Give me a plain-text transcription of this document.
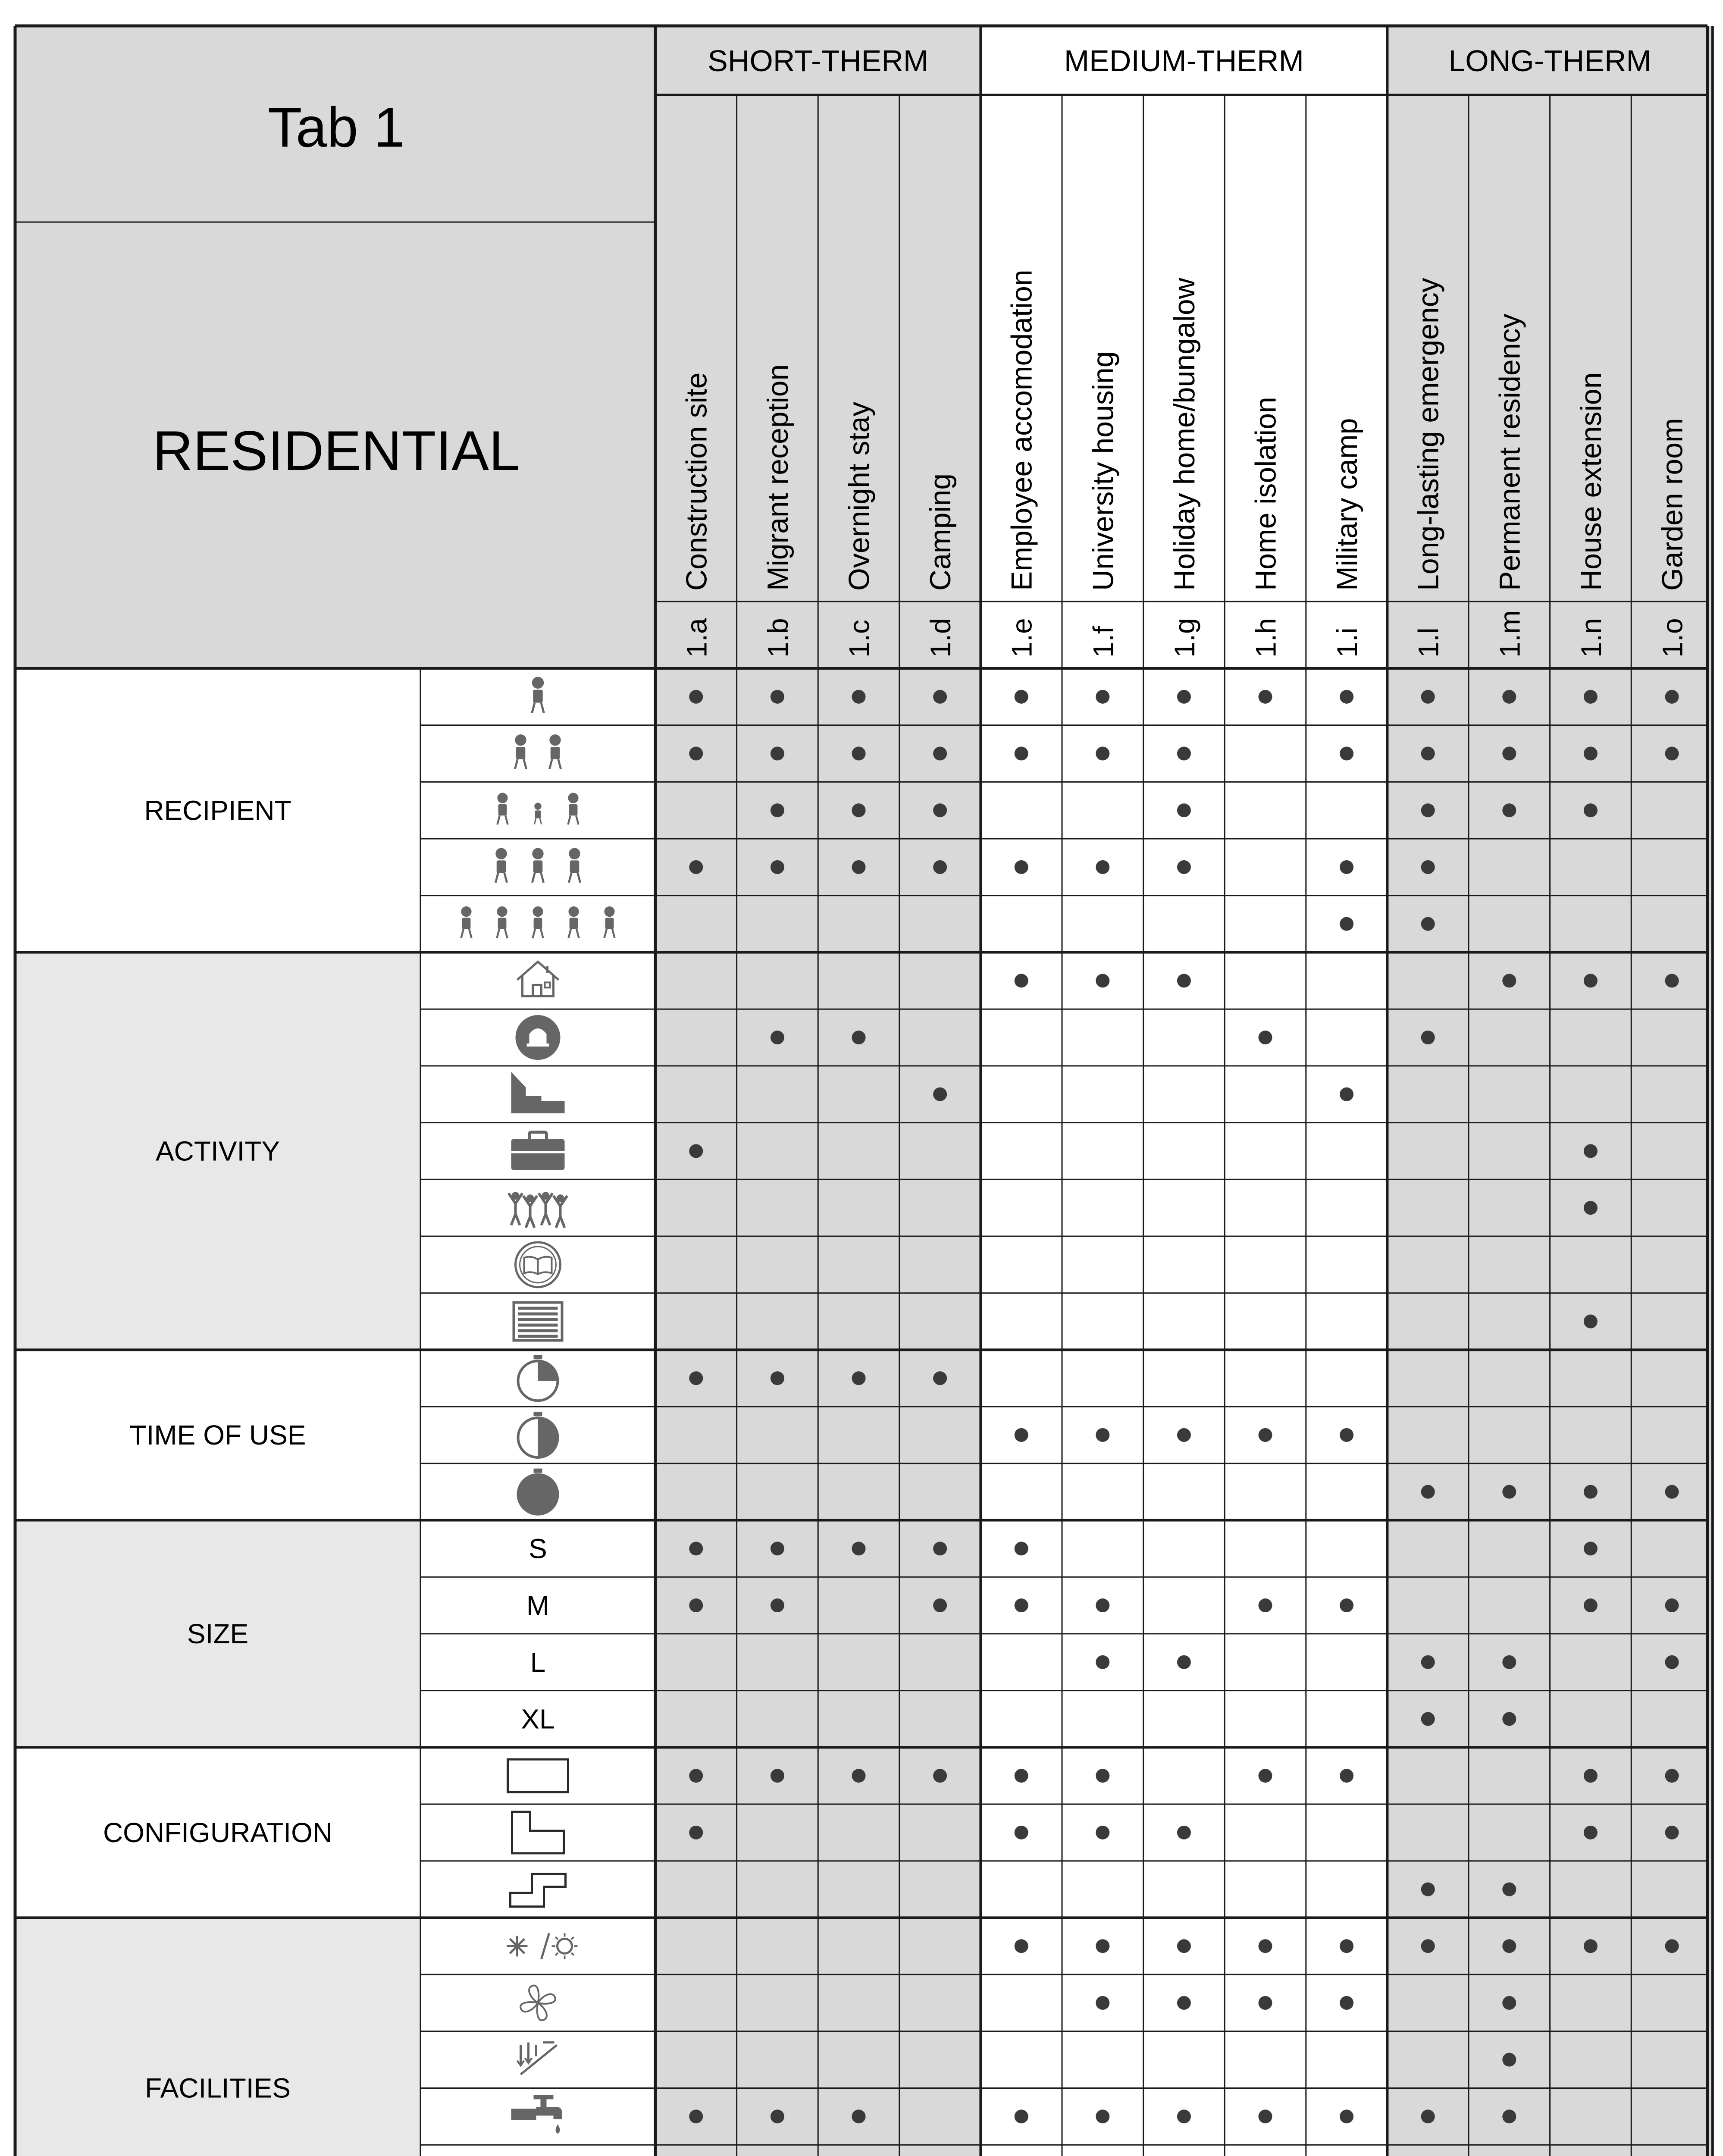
Tab 1
RESIDENTIAL
SHORT-THERM	MEDIUM-THERM	LONG-THERM
Construction site
1.a
Migrant reception
1.b
Overnight stay
1.c
Camping
1.d
Employee accomodation
1.e
University housing
1.f
Holiday home/bungalow
1.g
Home isolation
1.h
Military camp
1.i
Long-lasting emergency
1.l
Permanent residency
1.m
House extension
1.n
Garden room
1.o
RECIPIENT
ACTIVITY
TIME OF USE
SIZE
S
M
L
XL
CONFIGURATION
FACILITIES
